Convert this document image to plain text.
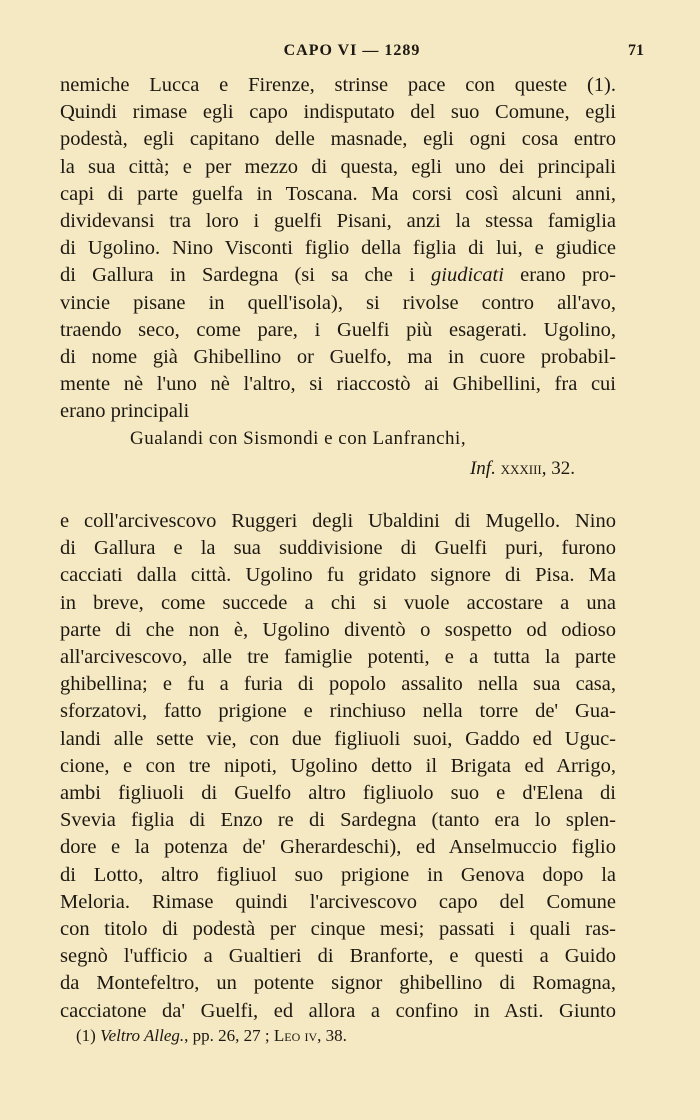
CAPO VI — 1289	71
nemiche Lucca e Firenze, strinse pace con queste (1).
Quindi rimase egli capo indisputato del suo Comune, egli
podestà, egli capitano delle masnade, egli ogni cosa entro
la sua città; e per mezzo di questa, egli uno dei principali
capi di parte guelfa in Toscana. Ma corsi così alcuni anni,
dividevansi tra loro i guelfi Pisani, anzi la stessa famiglia
di Ugolino. Nino Visconti figlio della figlia di lui, e giudice
di Gallura in Sardegna (si sa che i giudicati erano pro-
vincie pisane in quell'isola), si rivolse contro all'avo,
traendo seco, come pare, i Guelfi più esagerati. Ugolino,
di nome già Ghibellino or Guelfo, ma in cuore probabil-
mente nè l'uno nè l'altro, si riaccostò ai Ghibellini, fra cui
erano principali
Gualandi con Sismondi e con Lanfranchi,
Inf. xxxiii, 32.
e coll'arcivescovo Ruggeri degli Ubaldini di Mugello. Nino
di Gallura e la sua suddivisione di Guelfi puri, furono
cacciati dalla città. Ugolino fu gridato signore di Pisa. Ma
in breve, come succede a chi si vuole accostare a una
parte di che non è, Ugolino diventò o sospetto od odioso
all'arcivescovo, alle tre famiglie potenti, e a tutta la parte
ghibellina; e fu a furia di popolo assalito nella sua casa,
sforzatovi, fatto prigione e rinchiuso nella torre de' Gua-
landi alle sette vie, con due figliuoli suoi, Gaddo ed Uguc-
cione, e con tre nipoti, Ugolino detto il Brigata ed Arrigo,
ambi figliuoli di Guelfo altro figliuolo suo e d'Elena di
Svevia figlia di Enzo re di Sardegna (tanto era lo splen-
dore e la potenza de' Gherardeschi), ed Anselmuccio figlio
di Lotto, altro figliuol suo prigione in Genova dopo la
Meloria. Rimase quindi l'arcivescovo capo del Comune
con titolo di podestà per cinque mesi; passati i quali ras-
segnò l'ufficio a Gualtieri di Branforte, e questi a Guido
da Montefeltro, un potente signor ghibellino di Romagna,
cacciatone da' Guelfi, ed allora a confino in Asti. Giunto
(1) Veltro Alleg., pp. 26, 27 ; Leo iv, 38.
